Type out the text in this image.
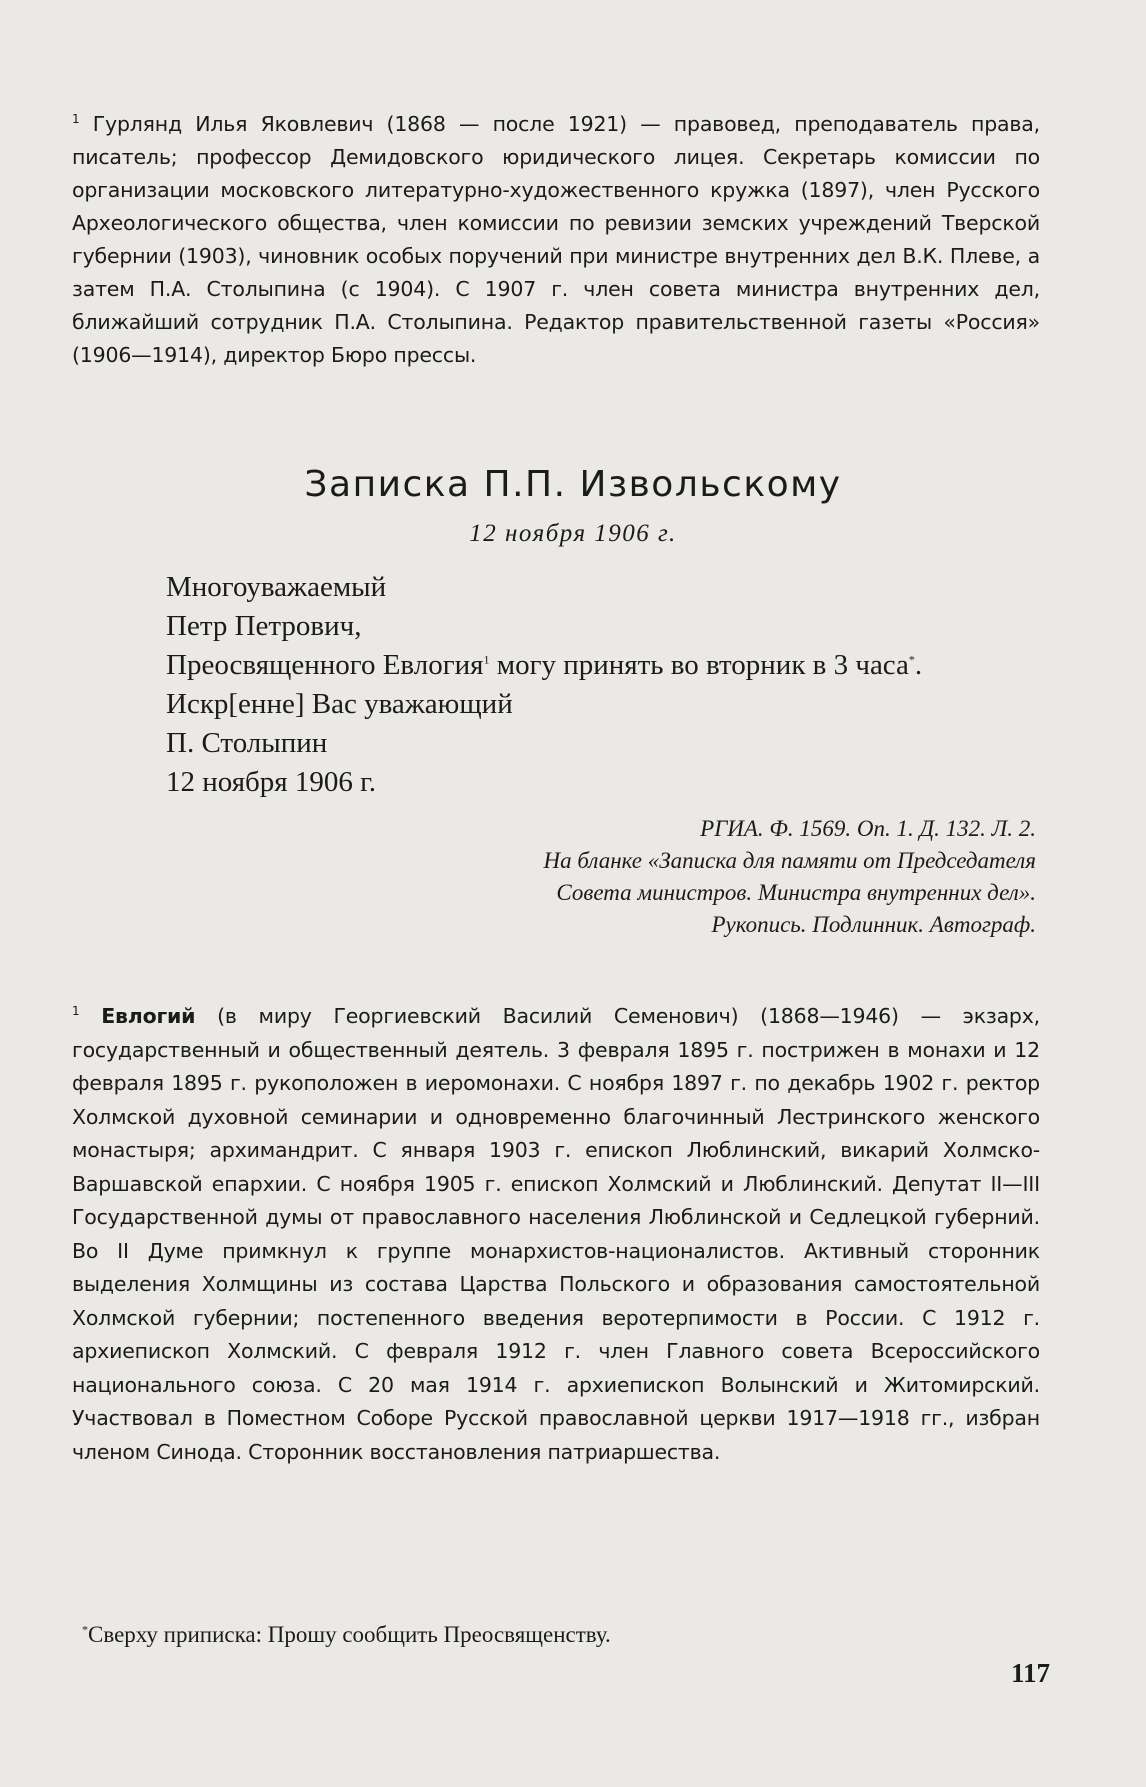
$^1$ Гурлянд Илья Яковлевич (1868 — после 1921) — правовед, преподаватель права, писатель; профессор Демидовского юридического лицея. Секретарь комиссии по организации московского литературно-художественного кружка (1897), член Русского Археологического общества, член комиссии по ревизии земских учреждений Тверской губернии (1903), чиновник особых поручений при министре внутренних дел В.К. Плеве, а затем П.А. Столыпина (с 1904). С 1907 г. член совета министра внутренних дел, ближайший сотрудник П.А. Столыпина. Редактор правительственной газеты «Россия» (1906—1914), директор Бюро прессы.
Записка П.П. Извольскому
12 ноября 1906 г.
Многоуважаемый
Петр Петрович,
Преосвященного Евлогия$^1$ могу принять во вторник в 3 часа*.
Искр[енне] Вас уважающий
П. Столыпин
12 ноября 1906 г.
РГИА. Ф. 1569. Оп. 1. Д. 132. Л. 2.
На бланке «Записка для памяти от Председателя
Совета министров. Министра внутренних дел».
Рукопись. Подлинник. Автограф.
$^1$ Евлогий (в миру Георгиевский Василий Семенович) (1868—1946) — экзарх, государственный и общественный деятель. 3 февраля 1895 г. пострижен в монахи и 12 февраля 1895 г. рукоположен в иеромонахи. С ноября 1897 г. по декабрь 1902 г. ректор Холмской духовной семинарии и одновременно благочинный Лестринского женского монастыря; архимандрит. С января 1903 г. епископ Люблинский, викарий Холмско-Варшавской епархии. С ноября 1905 г. епископ Холмский и Люблинский. Депутат II—III Государственной думы от православного населения Люблинской и Седлецкой губерний. Во II Думе примкнул к группе монархистов-националистов. Активный сторонник выделения Холмщины из состава Царства Польского и образования самостоятельной Холмской губернии; постепенного введения веротерпимости в России. С 1912 г. архиепископ Холмский. С февраля 1912 г. член Главного совета Всероссийского национального союза. С 20 мая 1914 г. архиепископ Волынский и Житомирский. Участвовал в Поместном Соборе Русской православной церкви 1917—1918 гг., избран членом Синода. Сторонник восстановления патриаршества.
*Сверху приписка: Прошу сообщить Преосвященству.
117
